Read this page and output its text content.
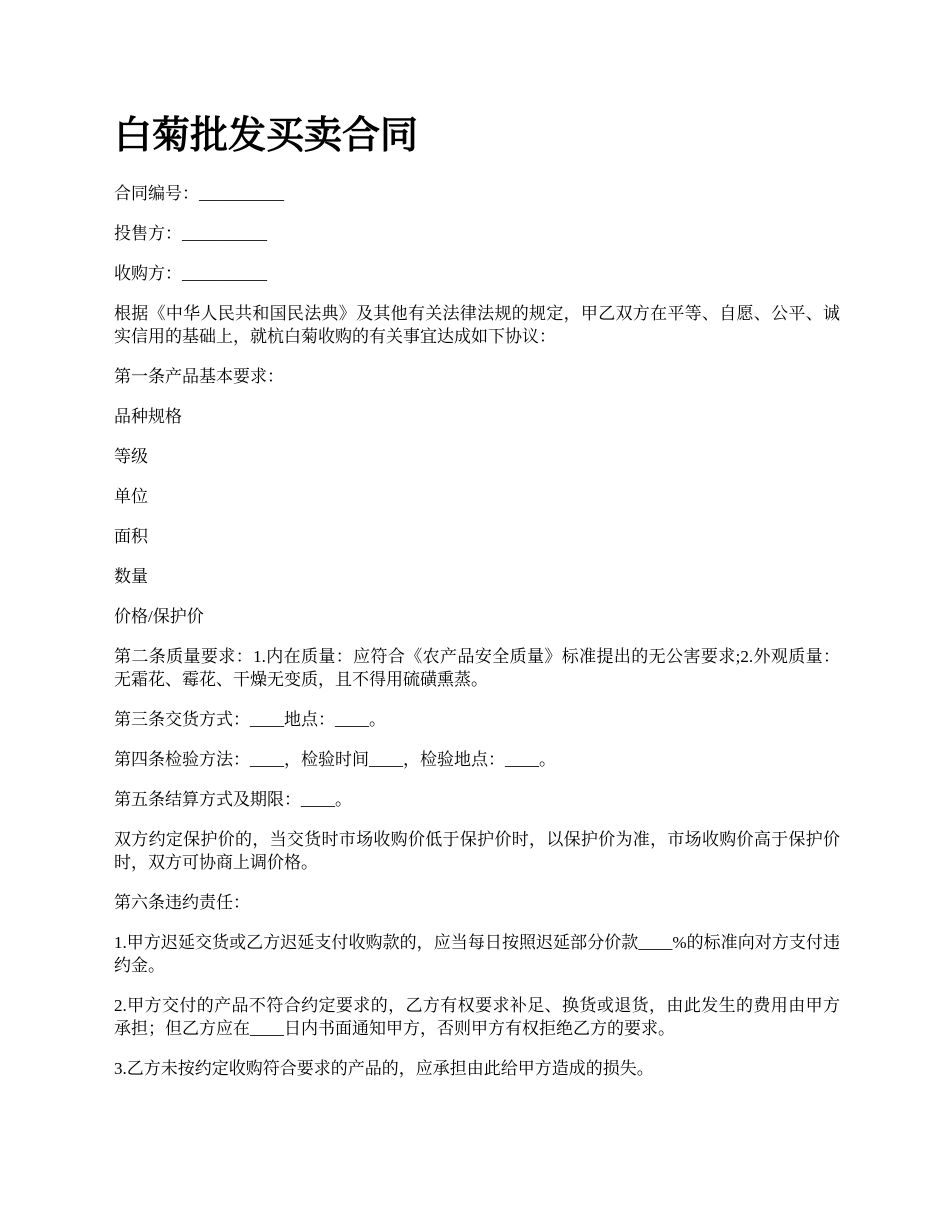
白菊批发买卖合同

合同编号：__________

投售方：__________

收购方：__________

根据《中华人民共和国民法典》及其他有关法律法规的规定，甲乙双方在平等、自愿、公平、诚实信用的基础上，就杭白菊收购的有关事宜达成如下协议：

第一条产品基本要求：

品种规格

等级

单位

面积

数量

价格/保护价

第二条质量要求：1.内在质量：应符合《农产品安全质量》标准提出的无公害要求;2.外观质量：无霜花、霉花、干燥无变质，且不得用硫磺熏蒸。

第三条交货方式：____地点：____。

第四条检验方法：____，检验时间____，检验地点：____。

第五条结算方式及期限：____。

双方约定保护价的，当交货时市场收购价低于保护价时，以保护价为准，市场收购价高于保护价时，双方可协商上调价格。

第六条违约责任：

1.甲方迟延交货或乙方迟延支付收购款的，应当每日按照迟延部分价款____%的标准向对方支付违约金。

2.甲方交付的产品不符合约定要求的，乙方有权要求补足、换货或退货，由此发生的费用由甲方承担；但乙方应在____日内书面通知甲方，否则甲方有权拒绝乙方的要求。

3.乙方未按约定收购符合要求的产品的，应承担由此给甲方造成的损失。
